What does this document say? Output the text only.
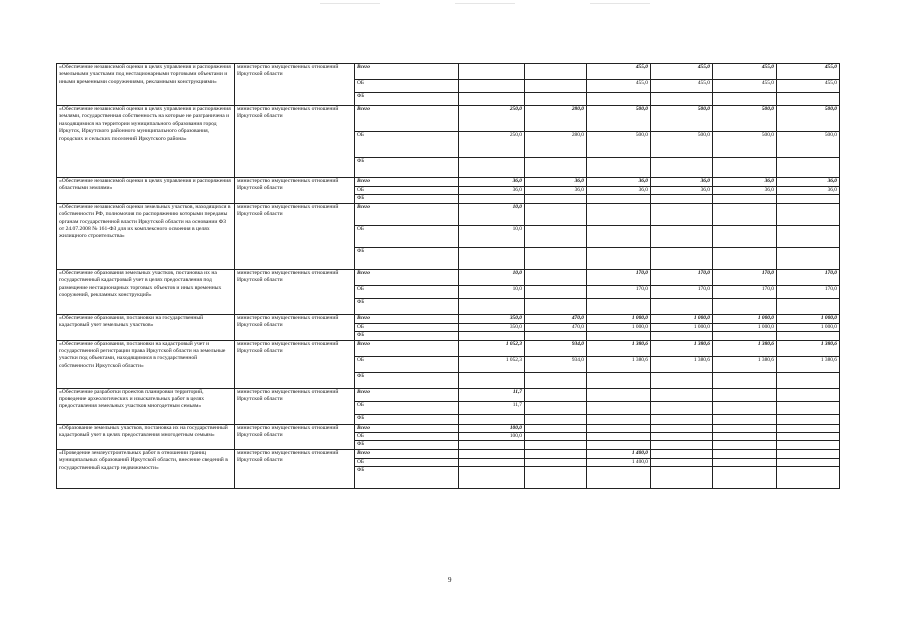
«Обеспечение независимой оценки в целях управления и распоряжения земельными участками под нестационарными торговыми объектами и иными временными сооружениями, рекламными конструкциями»	министерство имущественных отношений Иркутской области	Всего			455,0	455,0	455,0	455,0
		ОБ			455,0	455,0	455,0	455,0
		ФБ						
«Обеспечение независимой оценки в целях управления и распоряжения землями, государственная собственность на которые не разграничена и находящимися на территории муниципального образования город Иркутск, Иркутского районного муниципального образования, городских и сельских поселений Иркутского района»	министерство имущественных отношений Иркутской области	Всего	250,0	280,0	500,0	500,0	500,0	500,0
		ОБ	250,0	280,0	500,0	500,0	500,0	500,0
		ФБ						
«Обеспечение независимой оценки в целях управления и распоряжения областными землями»	министерство имущественных отношений Иркутской области	Всего	36,0	36,0	36,0	36,0	36,0	36,0
		ОБ	36,0	36,0	36,0	36,0	36,0	36,0
		ФБ						
«Обеспечение независимой оценки земельных участков, находящихся в собственности РФ, полномочия по распоряжению которыми переданы органам государственной власти Иркутской области на основании ФЗ от 24.07.2008 № 161-ФЗ для их комплексного освоения в целях жилищного строительства»	министерство имущественных отношений Иркутской области	Всего	10,0					
		ОБ	10,0					
		ФБ						
«Обеспечение образования земельных участков, постановка их на государственный кадастровый учет в целях предоставления под размещение нестационарных торговых объектов и иных временных сооружений, рекламных конструкций»	министерство имущественных отношений Иркутской области	Всего	10,0		170,0	170,0	170,0	170,0
		ОБ	10,0		170,0	170,0	170,0	170,0
		ФБ						
«Обеспечение образования, постановки на государственный кадастровый учет земельных участков»	министерство имущественных отношений Иркутской области	Всего	350,0	470,0	1 000,0	1 000,0	1 000,0	1 000,0
		ОБ	350,0	470,0	1 000,0	1 000,0	1 000,0	1 000,0
		ФБ						
«Обеспечение образования, постановки на кадастровый учет и государственной регистрации права Иркутской области на земельные участки под объектами, находящимися в государственной собственности Иркутской области»	министерство имущественных отношений Иркутской области	Всего	1 052,3	934,0	1 380,6	1 380,6	1 380,6	1 380,6
		ОБ	1 052,3	934,0	1 380,6	1 380,6	1 380,6	1 380,6
		ФБ						
«Обеспечение разработки проектов планировки территорий, проведение археологических и изыскательных работ в целях предоставления земельных участков многодетным семьям»	министерство имущественных отношений Иркутской области	Всего	11,7					
		ОБ	11,7					
		ФБ						
«Образование земельных участков, постановка их на государственный кадастровый учет в целях предоставления многодетным семьям»	министерство имущественных отношений Иркутской области	Всего	100,0					
		ОБ	100,0					
		ФБ						
«Проведение землеустроительных работ в отношении границ муниципальных образований Иркутской области, внесение сведений в государственный кадастр недвижимости»	министерство имущественных отношений Иркутской области	Всего			1 400,0			
		ОБ			1 400,0			
		ФБ						
9
